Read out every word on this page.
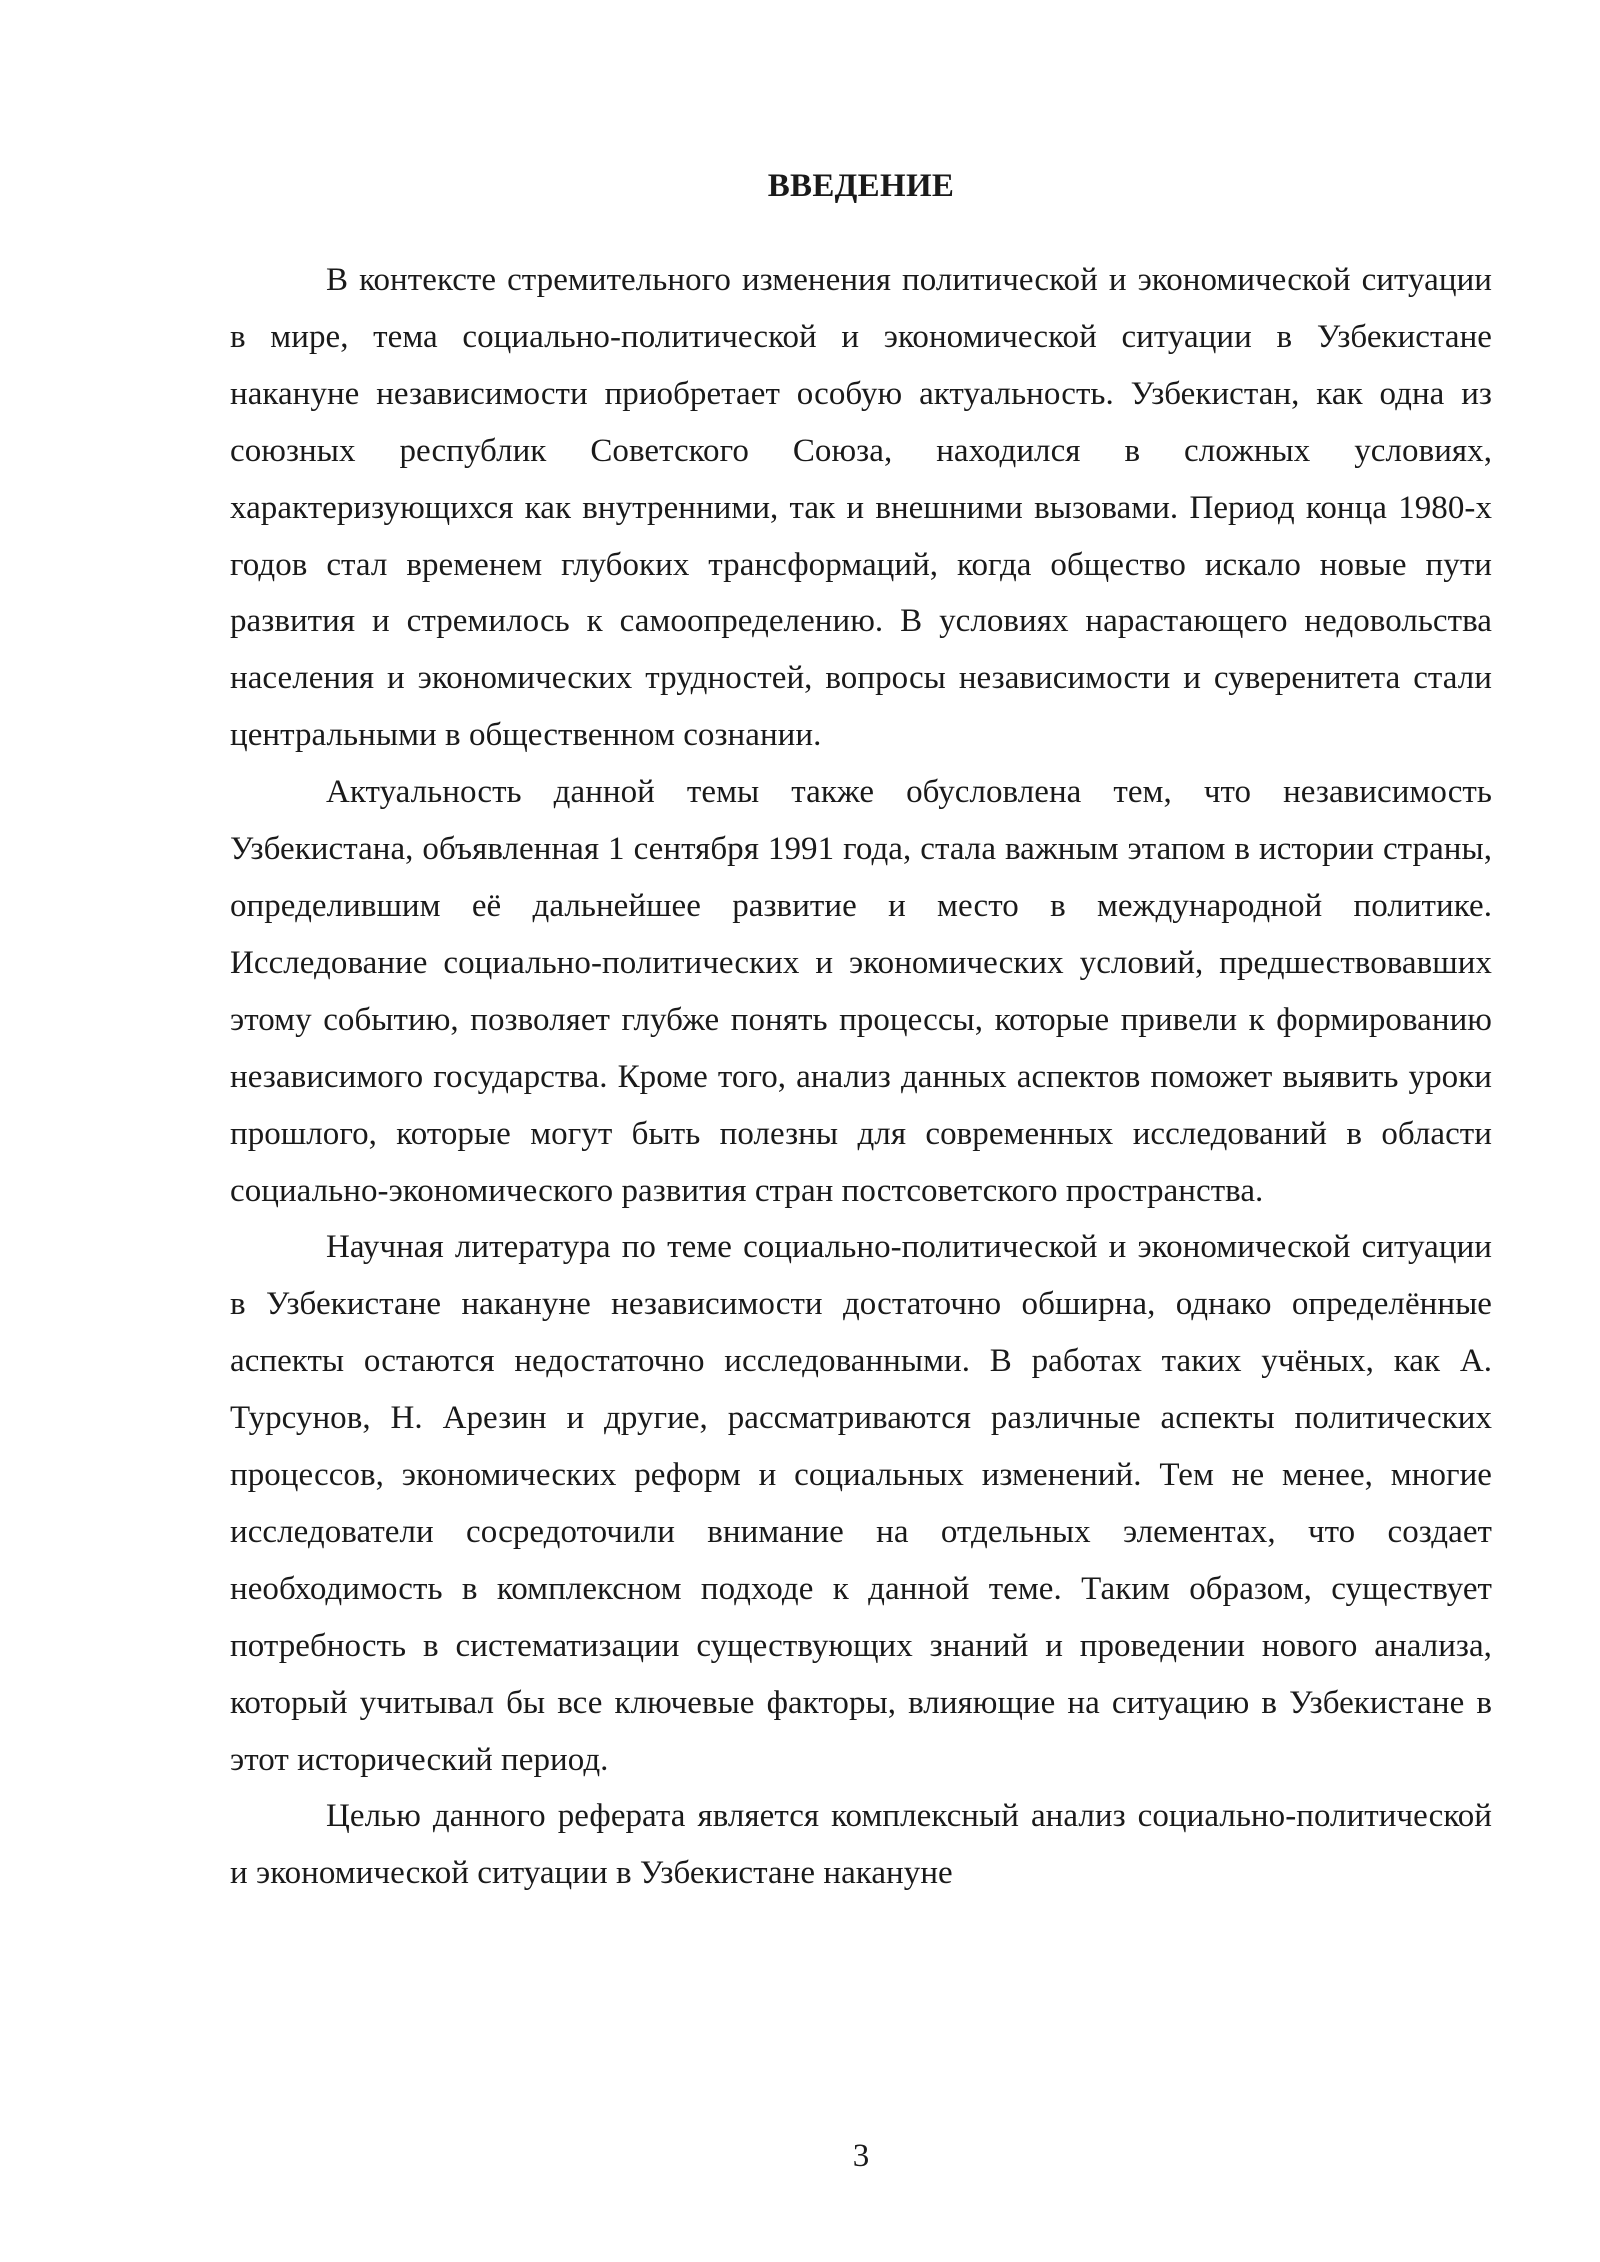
ВВЕДЕНИЕ

В контексте стремительного изменения политической и экономической ситуации в мире, тема социально-политической и экономической ситуации в Узбекистане накануне независимости приобретает особую актуальность. Узбекистан, как одна из союзных республик Советского Союза, находился в сложных условиях, характеризующихся как внутренними, так и внешними вызовами. Период конца 1980-х годов стал временем глубоких трансформаций, когда общество искало новые пути развития и стремилось к самоопределению. В условиях нарастающего недовольства населения и экономических трудностей, вопросы независимости и суверенитета стали центральными в общественном сознании.

Актуальность данной темы также обусловлена тем, что независимость Узбекистана, объявленная 1 сентября 1991 года, стала важным этапом в истории страны, определившим её дальнейшее развитие и место в международной политике. Исследование социально-политических и экономических условий, предшествовавших этому событию, позволяет глубже понять процессы, которые привели к формированию независимого государства. Кроме того, анализ данных аспектов поможет выявить уроки прошлого, которые могут быть полезны для современных исследований в области социально-экономического развития стран постсоветского пространства.

Научная литература по теме социально-политической и экономической ситуации в Узбекистане накануне независимости достаточно обширна, однако определённые аспекты остаются недостаточно исследованными. В работах таких учёных, как А. Турсунов, Н. Арезин и другие, рассматриваются различные аспекты политических процессов, экономических реформ и социальных изменений. Тем не менее, многие исследователи сосредоточили внимание на отдельных элементах, что создает необходимость в комплексном подходе к данной теме. Таким образом, существует потребность в систематизации существующих знаний и проведении нового анализа, который учитывал бы все ключевые факторы, влияющие на ситуацию в Узбекистане в этот исторический период.

Целью данного реферата является комплексный анализ социально-политической и экономической ситуации в Узбекистане накануне

3
